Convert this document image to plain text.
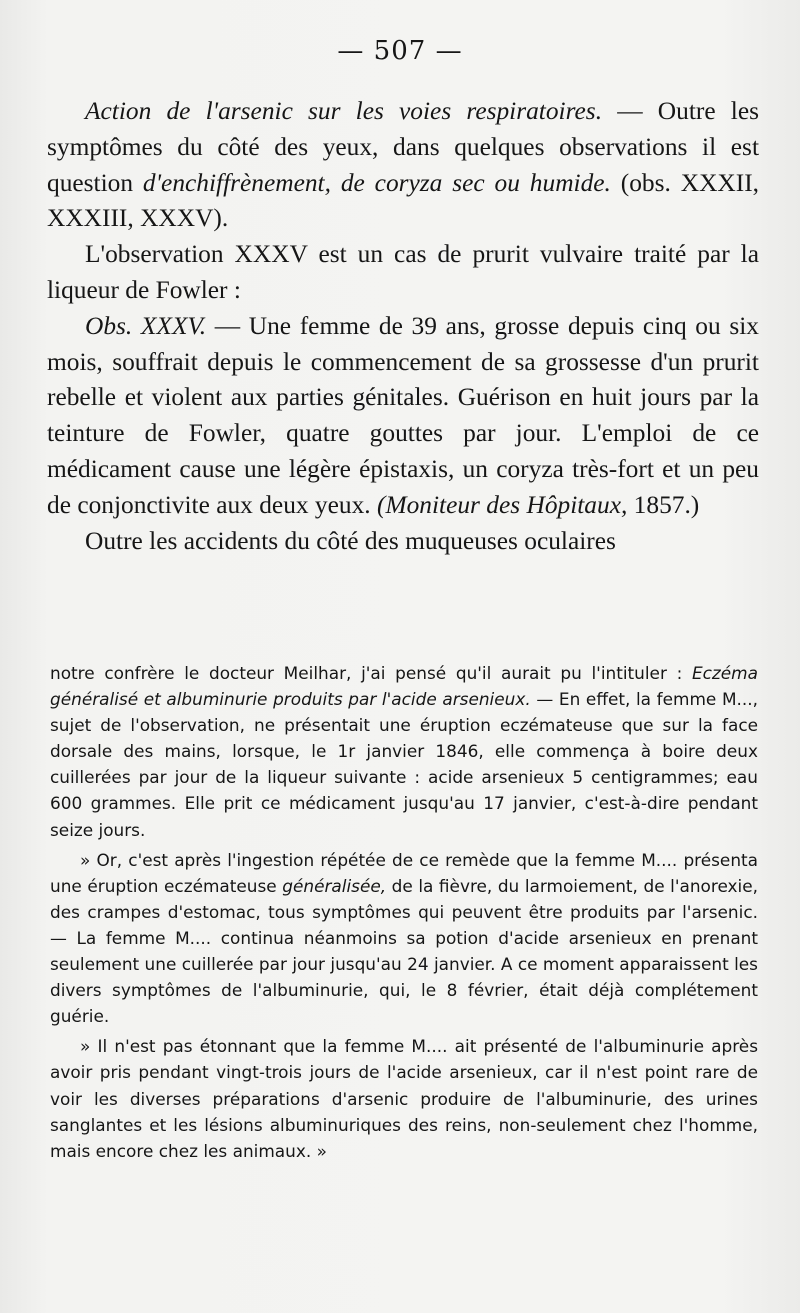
— 507 —

Action de l'arsenic sur les voies respiratoires. — Outre les symptômes du côté des yeux, dans quelques observations il est question d'enchiffrènement, de coryza sec ou humide. (obs. XXXII, XXXIII, XXXV).

L'observation XXXV est un cas de prurit vulvaire traité par la liqueur de Fowler :

Obs. XXXV. — Une femme de 39 ans, grosse depuis cinq ou six mois, souffrait depuis le commencement de sa grossesse d'un prurit rebelle et violent aux parties génitales. Guérison en huit jours par la teinture de Fowler, quatre gouttes par jour. L'emploi de ce médicament cause une légère épistaxis, un coryza très-fort et un peu de conjonctivite aux deux yeux. (Moniteur des Hôpitaux, 1857.)

Outre les accidents du côté des muqueuses oculaires

notre confrère le docteur Meilhar, j'ai pensé qu'il aurait pu l'intituler : Eczéma généralisé et albuminurie produits par l'acide arsenieux. — En effet, la femme M..., sujet de l'observation, ne présentait une éruption eczémateuse que sur la face dorsale des mains, lorsque, le 1r janvier 1846, elle commença à boire deux cuillerées par jour de la liqueur suivante : acide arsenieux 5 centigrammes; eau 600 grammes. Elle prit ce médicament jusqu'au 17 janvier, c'est-à-dire pendant seize jours.

» Or, c'est après l'ingestion répétée de ce remède que la femme M.... présenta une éruption eczémateuse généralisée, de la fièvre, du larmoiement, de l'anorexie, des crampes d'estomac, tous symptômes qui peuvent être produits par l'arsenic. — La femme M.... continua néanmoins sa potion d'acide arsenieux en prenant seulement une cuillerée par jour jusqu'au 24 janvier. A ce moment apparaissent les divers symptômes de l'albuminurie, qui, le 8 février, était déjà complétement guérie.

» Il n'est pas étonnant que la femme M.... ait présenté de l'albuminurie après avoir pris pendant vingt-trois jours de l'acide arsenieux, car il n'est point rare de voir les diverses préparations d'arsenic produire de l'albuminurie, des urines sanglantes et les lésions albuminuriques des reins, non-seulement chez l'homme, mais encore chez les animaux. »
